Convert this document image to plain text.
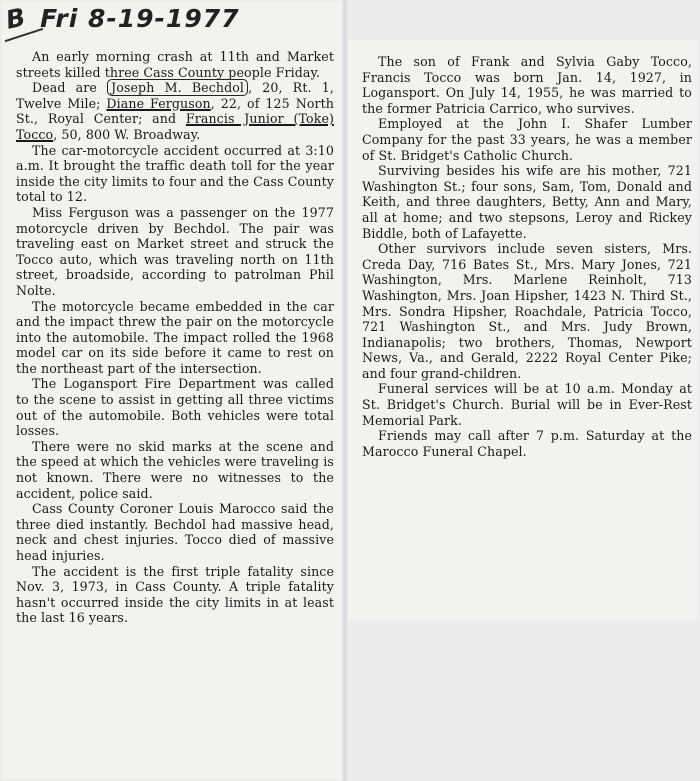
B Fri 8-19-1977

An early morning crash at 11th and Market streets killed three Cass County people Friday.

Dead are Joseph M. Bechdol , 20, Rt. 1, Twelve Mile; Diane Ferguson, 22, of 125 North St., Royal Center; and Francis Junior (Toke) Tocco, 50, 800 W. Broadway.

The car-motorcycle accident occurred at 3:10 a.m. It brought the traffic death toll for the year inside the city limits to four and the Cass County total to 12.

Miss Ferguson was a passenger on the 1977 motorcycle driven by Bechdol. The pair was traveling east on Market street and struck the Tocco auto, which was traveling north on 11th street, broadside, according to patrolman Phil Nolte.

The motorcycle became embedded in the car and the impact threw the pair on the motorcycle into the automobile. The impact rolled the 1968 model car on its side before it came to rest on the northeast part of the intersection.

The Logansport Fire Department was called to the scene to assist in getting all three victims out of the automobile. Both vehicles were total losses.

There were no skid marks at the scene and the speed at which the vehicles were traveling is not known. There were no witnesses to the accident, police said.

Cass County Coroner Louis Marocco said the three died instantly. Bechdol had massive head, neck and chest injuries. Tocco died of massive head injuries.

The accident is the first triple fatality since Nov. 3, 1973, in Cass County. A triple fatality hasn't occurred inside the city limits in at least the last 16 years.

The son of Frank and Sylvia Gaby Tocco, Francis Tocco was born Jan. 14, 1927, in Logansport. On July 14, 1955, he was married to the former Patricia Carrico, who survives.

Employed at the John I. Shafer Lumber Company for the past 33 years, he was a member of St. Bridget's Catholic Church.

Surviving besides his wife are his mother, 721 Washington St.; four sons, Sam, Tom, Donald and Keith, and three daughters, Betty, Ann and Mary, all at home; and two stepsons, Leroy and Rickey Biddle, both of Lafayette.

Other survivors include seven sisters, Mrs. Creda Day, 716 Bates St., Mrs. Mary Jones, 721 Washington, Mrs. Marlene Reinholt, 713 Washington, Mrs. Joan Hipsher, 1423 N. Third St., Mrs. Sondra Hipsher, Roachdale, Patricia Tocco, 721 Washington St., and Mrs. Judy Brown, Indianapolis; two brothers, Thomas, Newport News, Va., and Gerald, 2222 Royal Center Pike; and four grand-children.

Funeral services will be at 10 a.m. Monday at St. Bridget's Church. Burial will be in Ever-Rest Memorial Park.

Friends may call after 7 p.m. Saturday at the Marocco Funeral Chapel.
